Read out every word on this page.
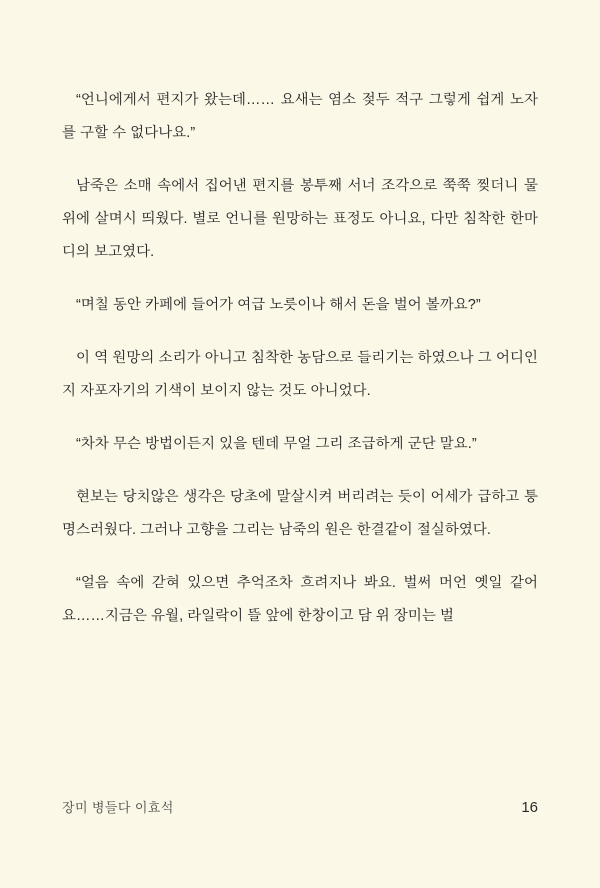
“언니에게서 편지가 왔는데…… 요새는 염소 젖두 적구 그렇게 쉽게 노자를 구할 수 없다나요.”

남죽은 소매 속에서 집어낸 편지를 봉투째 서너 조각으로 쭉쭉 찢더니 물 위에 살며시 띄웠다. 별로 언니를 원망하는 표정도 아니요, 다만 침착한 한마디의 보고였다.

“며칠 동안 카페에 들어가 여급 노릇이나 해서 돈을 벌어 볼까요?”

이 역 원망의 소리가 아니고 침착한 농담으로 들리기는 하였으나 그 어디인지 자포자기의 기색이 보이지 않는 것도 아니었다.

“차차 무슨 방법이든지 있을 텐데 무얼 그리 조급하게 군단 말요.”

현보는 당치않은 생각은 당초에 말살시켜 버리려는 듯이 어세가 급하고 퉁명스러웠다. 그러나 고향을 그리는 남죽의 원은 한결같이 절실하였다.

“얼음 속에 갇혀 있으면 추억조차 흐려지나 봐요. 벌써 머언 옛일 같어요……지금은 유월, 라일락이 뜰 앞에 한창이고 담 위 장미는 벌

장미 병들다 이효석	16
